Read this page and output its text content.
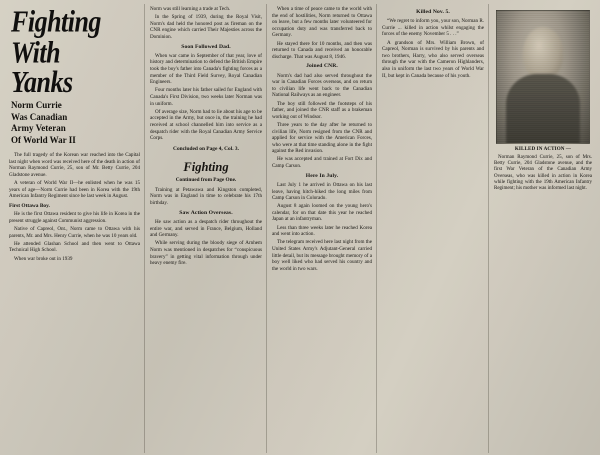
Fighting
With
Yanks
Norm Currie
Was Canadian
Army Veteran
Of World War II

The full tragedy of the Korean war reached into the Capital last night when word was received here of the death in action of Norman Raymond Currie, 25, son of Mr. Betty Currie, 204 Gladstone avenue.

A veteran of World War II—he enlisted when he was 15 years of age—Norm Currie had been in Korea with the 19th American Infantry Regiment since he last week in August.

First Ottawa Boy.

He is the first Ottawa resident to give his life in Korea in the present struggle against Communist aggression.

Native of Capreol, Ont., Norm came to Ottawa with his parents, Mr. and Mrs. Henry Currie, when he was 10 years old.

He attended Glashan School and then went to Ottawa Technical High School.

When war broke out in 1939

Norm was still learning a trade at Tech.

In the Spring of 1939, during the Royal Visit, Norm's dad held the honored post as fireman on the CNR engine which carried Their Majesties across the Dominion.

Soon Followed Dad.

When war came in September of that year, love of history and determination to defend the British Empire took the boy's father into Canada's fighting forces as a member of the Third Field Survey, Royal Canadian Engineers.

Four months later his father sailed for England with Canada's First Division, two weeks later Norman was in uniform.

Of average size, Norm had to lie about his age to be accepted in the Army, but once in, the training he had received at school channelled him into service as a despatch rider with the Royal Canadian Army Service Corps.

Concluded on Page 4, Col. 3.

Fighting

Continued from Page One.

Training at Petawawa and Kingston completed, Norm was in England in time to celebrate his 17th birthday.

Saw Action Overseas.

He saw action as a despatch rider throughout the entire war, and served in France, Belgium, Holland and Germany.

While serving during the bloody siege of Arnhem Norm was mentioned in despatches for “conspicuous bravery” in getting vital information through under heavy enemy fire.

When a time of peace came to the world with the end of hostilities, Norm returned to Ottawa on leave, but a few months later volunteered for occupation duty and was transferred back to Germany.

He stayed there for 10 months, and then was returned to Canada and received an honorable discharge. That was August 8, 1946.

Joined CNR.

Norm's dad had also served throughout the war in Canadian Forces overseas, and on return to civilian life went back to the Canadian National Railways as an engineer.

The boy still followed the footsteps of his father, and joined the CNR staff as a brakeman working out of Windsor.

Three years to the day after he returned to civilian life, Norm resigned from the CNR and applied for service with the American Forces, who were at that time standing alone in the fight against the Red invasion.

He was accepted and trained at Fort Dix and Camp Carson.

Here In July.

Last July 1 he arrived in Ottawa on his last leave, having hitch-hiked the long miles from Camp Carson in Colorado.

August 8 again loomed on the young hero's calendar, for on that date this year he reached Japan at an infantryman.

Less than three weeks later he reached Korea and went into action.

The telegram received here last night from the United States Army's Adjutant-General carried little detail, but its message brought memory of a boy well liked who had served his country and the world in two wars.

Killed Nov. 5.

“We regret to inform you, your son, Norman R. Currie ... killed in action whilst engaging the forces of the enemy November 5 . . .”

A grandson of Mrs. William Brown, of Capreol, Norman is survived by his parents and two brothers, Harry, who also served overseas through the war with the Cameron Highlanders, also in uniform the last two years of World War II, but kept in Canada because of his youth.

KILLED IN ACTION —

Norman Raymond Currie, 25, son of Mrs. Betty Currie, 204 Gladstone avenue, and the first War Veteran of the Canadian Army Overseas, who was killed in action in Korea while fighting with the 19th American Infantry Regiment; his mother was informed last night.
